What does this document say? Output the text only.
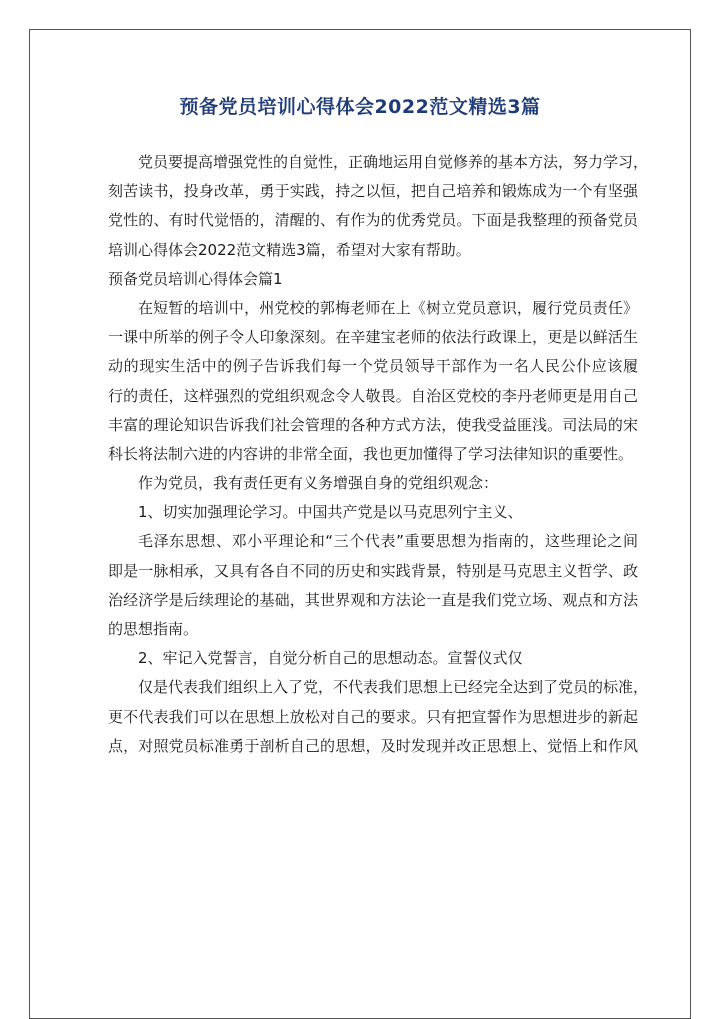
预备党员培训心得体会2022范文精选3篇
党员要提高增强党性的自觉性，正确地运用自觉修养的基本方法，努力学习，
刻苦读书，投身改革，勇于实践，持之以恒，把自己培养和锻炼成为一个有坚强
党性的、有时代觉悟的，清醒的、有作为的优秀党员。下面是我整理的预备党员
培训心得体会2022范文精选3篇，希望对大家有帮助。
预备党员培训心得体会篇1
在短暂的培训中，州党校的郭梅老师在上《树立党员意识，履行党员责任》
一课中所举的例子令人印象深刻。在辛建宝老师的依法行政课上，更是以鲜活生
动的现实生活中的例子告诉我们每一个党员领导干部作为一名人民公仆应该履
行的责任，这样强烈的党组织观念令人敬畏。自治区党校的李丹老师更是用自己
丰富的理论知识告诉我们社会管理的各种方式方法，使我受益匪浅。司法局的宋
科长将法制六进的内容讲的非常全面，我也更加懂得了学习法律知识的重要性。
作为党员，我有责任更有义务增强自身的党组织观念：
1、切实加强理论学习。中国共产党是以马克思列宁主义、
毛泽东思想、邓小平理论和“三个代表”重要思想为指南的，这些理论之间
即是一脉相承，又具有各自不同的历史和实践背景，特别是马克思主义哲学、政
治经济学是后续理论的基础，其世界观和方法论一直是我们党立场、观点和方法
的思想指南。
2、牢记入党誓言，自觉分析自己的思想动态。宣誓仪式仅
仅是代表我们组织上入了党，不代表我们思想上已经完全达到了党员的标准，
更不代表我们可以在思想上放松对自己的要求。只有把宣誓作为思想进步的新起
点，对照党员标准勇于剖析自己的思想，及时发现并改正思想上、觉悟上和作风
